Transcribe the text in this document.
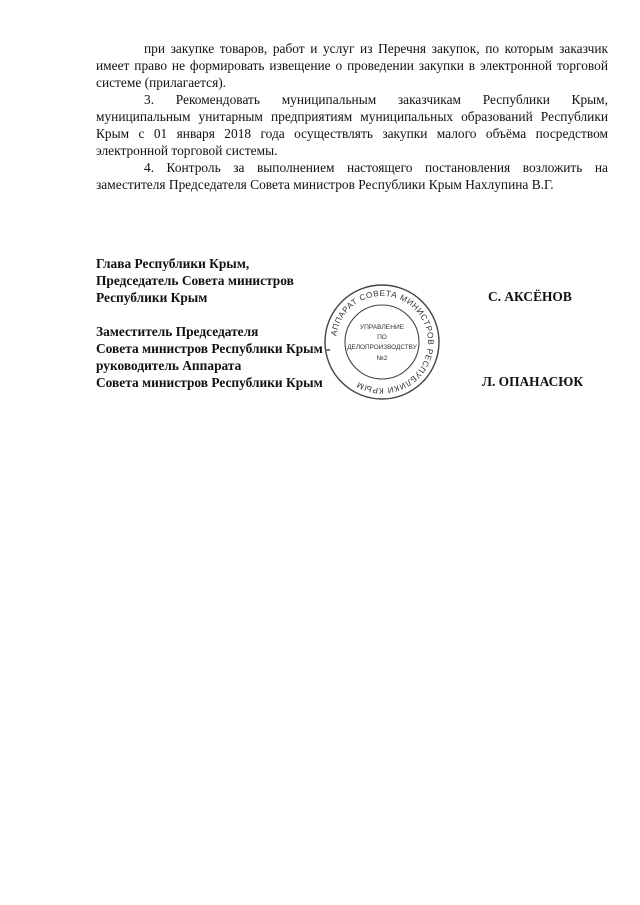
при закупке товаров, работ и услуг из Перечня закупок, по которым заказчик имеет право не формировать извещение о проведении закупки в электронной торговой системе (прилагается).

3. Рекомендовать муниципальным заказчикам Республики Крым, муниципальным унитарным предприятиям муниципальных образований Республики Крым с 01 января 2018 года осуществлять закупки малого объёма посредством электронной торговой системы.

4. Контроль за выполнением настоящего постановления возложить на заместителя Председателя Совета министров Республики Крым Нахлупина В.Г.

Глава Республики Крым,
Председатель Совета министров
Республики Крым	С. АКСЁНОВ
Заместитель Председателя
Совета министров Республики Крым -
руководитель Аппарата
Совета министров Республики Крым	Л. ОПАНАСЮК
АППАРАТ СОВЕТА МИНИСТРОВ РЕСПУБЛИКИ КРЫМ
УПРАВЛЕНИЕ
ПО
ДЕЛОПРОИЗВОДСТВУ
№2
